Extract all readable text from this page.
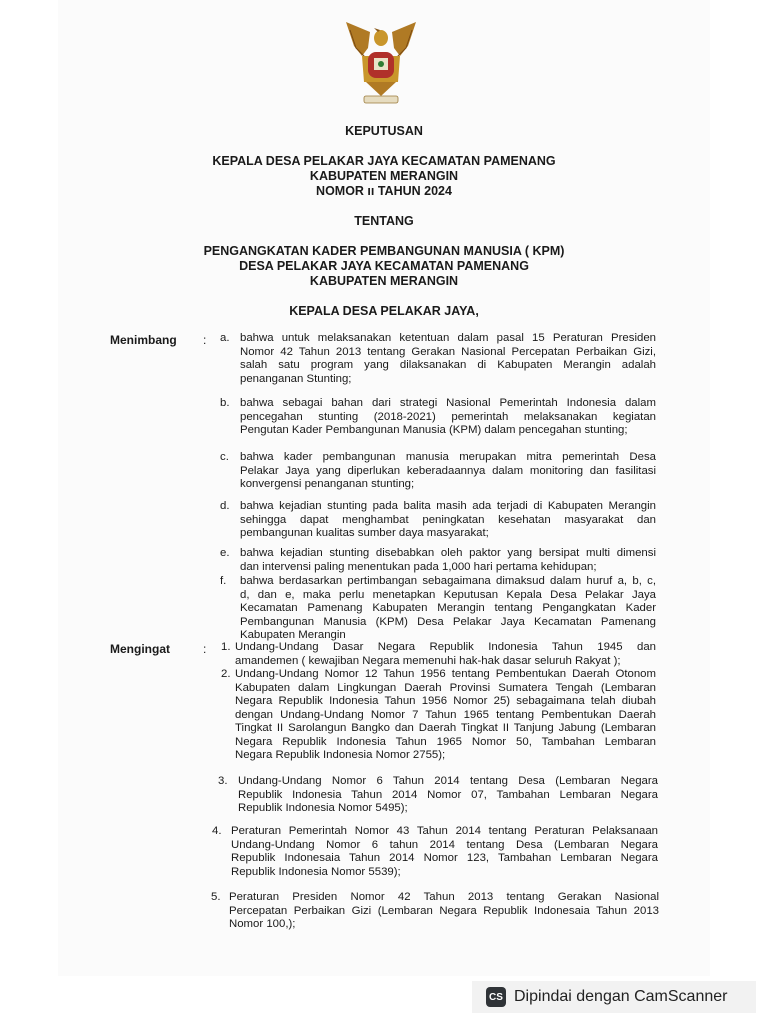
KEPUTUSAN
KEPALA DESA PELAKAR JAYA KECAMATAN PAMENANG
KABUPATEN MERANGIN
NOMOR ıı TAHUN 2024
TENTANG
PENGANGKATAN KADER PEMBANGUNAN MANUSIA ( KPM)
DESA PELAKAR JAYA KECAMATAN PAMENANG
KABUPATEN MERANGIN
KEPALA DESA PELAKAR JAYA,
Menimbang :
Mengingat	:
a. bahwa untuk melaksanakan ketentuan dalam pasal 15 Peraturan Presiden
Nomor 42 Tahun 2013 tentang Gerakan Nasional Percepatan Perbaikan Gizi,
salah satu program yang dilaksanakan di Kabupaten Merangin adalah
penanganan Stunting;
b. bahwa sebagai bahan dari strategi Nasional Pemerintah Indonesia dalam
pencegahan stunting (2018-2021) pemerintah melaksanakan kegiatan
Pengutan Kader Pembangunan Manusia (KPM) dalam pencegahan stunting;
c. bahwa kader pembangunan manusia merupakan mitra pemerintah Desa
Pelakar Jaya yang diperlukan keberadaannya dalam monitoring dan fasilitasi
konvergensi penanganan stunting;
d. bahwa kejadian stunting pada balita masih ada terjadi di Kabupaten Merangin
sehingga dapat menghambat peningkatan kesehatan masyarakat dan
pembangunan kualitas sumber daya masyarakat;
e. bahwa kejadian stunting disebabkan oleh paktor yang bersipat multi dimensi
dan intervensi paling menentukan pada 1,000 hari pertama kehidupan;
f. bahwa berdasarkan pertimbangan sebagaimana dimaksud dalam huruf a, b, c,
d, dan e, maka perlu menetapkan Keputusan Kepala Desa Pelakar Jaya
Kecamatan Pamenang Kabupaten Merangin tentang Pengangkatan Kader
Pembangunan Manusia (KPM) Desa Pelakar Jaya Kecamatan Pamenang
Kabupaten Merangin
1. Undang-Undang Dasar Negara Republik Indonesia Tahun 1945 dan
amandemen ( kewajiban Negara memenuhi hak-hak dasar seluruh Rakyat );
2. Undang-Undang Nomor 12 Tahun 1956 tentang Pembentukan Daerah Otonom
Kabupaten dalam Lingkungan Daerah Provinsi Sumatera Tengah (Lembaran
Negara Republik Indonesia Tahun 1956 Nomor 25) sebagaimana telah diubah
dengan Undang-Undang Nomor 7 Tahun 1965 tentang Pembentukan Daerah
Tingkat II Sarolangun Bangko dan Daerah Tingkat II Tanjung Jabung (Lembaran
Negara Republik Indonesia Tahun 1965 Nomor 50, Tambahan Lembaran
Negara Republik Indonesia Nomor 2755);
3. Undang-Undang Nomor 6 Tahun 2014 tentang Desa (Lembaran Negara
Republik Indonesia Tahun 2014 Nomor 07, Tambahan Lembaran Negara
Republik Indonesia Nomor 5495);
4. Peraturan Pemerintah Nomor 43 Tahun 2014 tentang Peraturan Pelaksanaan
Undang-Undang Nomor 6 tahun 2014 tentang Desa (Lembaran Negara
Republik Indonesaia Tahun 2014 Nomor 123, Tambahan Lembaran Negara
Republik Indonesia Nomor 5539);
5. Peraturan Presiden Nomor 42 Tahun 2013 tentang Gerakan Nasional
Percepatan Perbaikan Gizi (Lembaran Negara Republik Indonesaia Tahun 2013
Nomor 100,);
CS Dipindai dengan CamScanner
